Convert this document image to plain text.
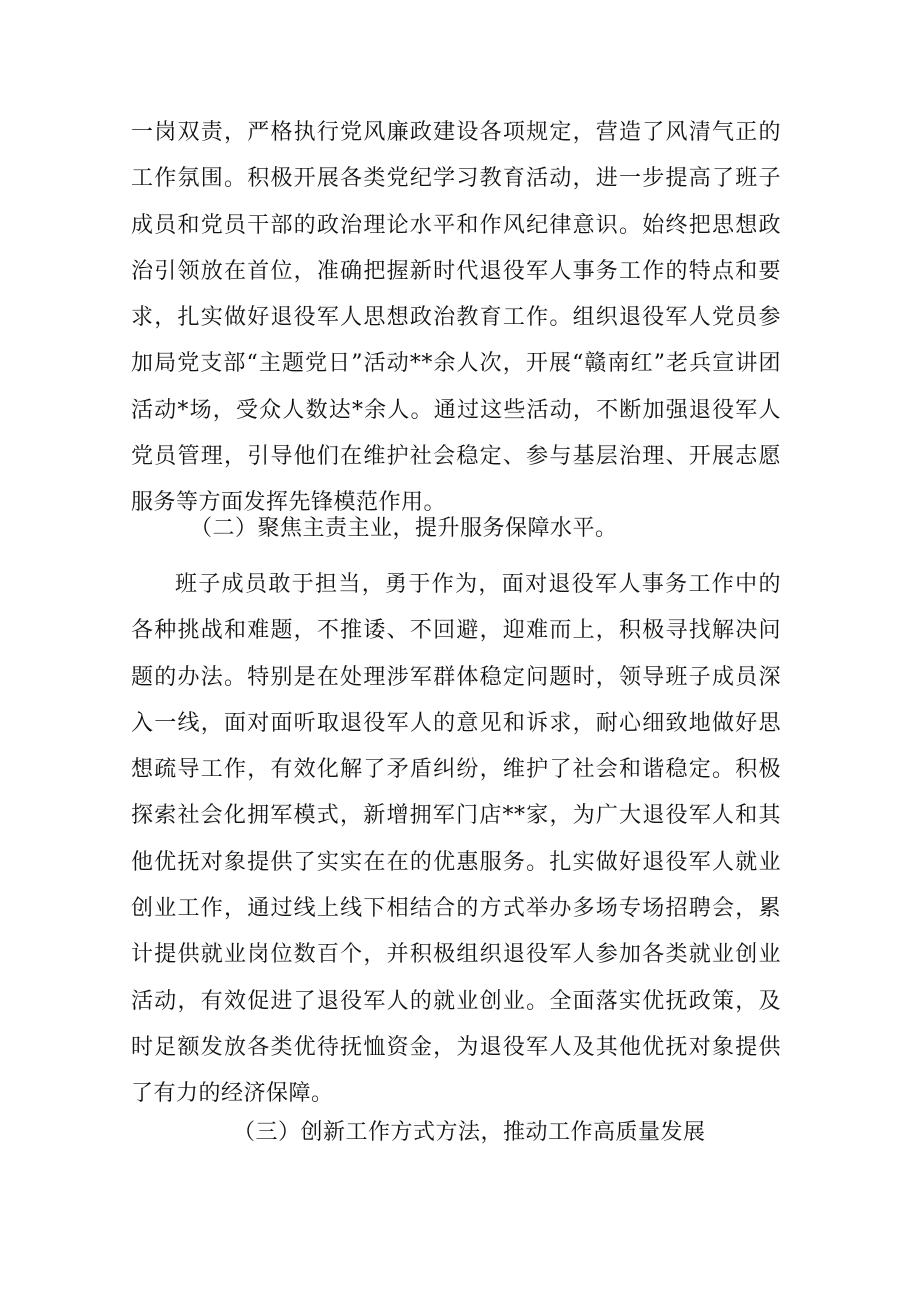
一岗双责，严格执行党风廉政建设各项规定，营造了风清气正的工作氛围。积极开展各类党纪学习教育活动，进一步提高了班子成员和党员干部的政治理论水平和作风纪律意识。始终把思想政治引领放在首位，准确把握新时代退役军人事务工作的特点和要求，扎实做好退役军人思想政治教育工作。组织退役军人党员参加局党支部“主题党日”活动**余人次，开展“赣南红”老兵宣讲团活动*场，受众人数达*余人。通过这些活动，不断加强退役军人党员管理，引导他们在维护社会稳定、参与基层治理、开展志愿服务等方面发挥先锋模范作用。

（二）聚焦主责主业，提升服务保障水平。

班子成员敢于担当，勇于作为，面对退役军人事务工作中的各种挑战和难题，不推诿、不回避，迎难而上，积极寻找解决问题的办法。特别是在处理涉军群体稳定问题时，领导班子成员深入一线，面对面听取退役军人的意见和诉求，耐心细致地做好思想疏导工作，有效化解了矛盾纠纷，维护了社会和谐稳定。积极探索社会化拥军模式，新增拥军门店**家，为广大退役军人和其他优抚对象提供了实实在在的优惠服务。扎实做好退役军人就业创业工作，通过线上线下相结合的方式举办多场专场招聘会，累计提供就业岗位数百个，并积极组织退役军人参加各类就业创业活动，有效促进了退役军人的就业创业。全面落实优抚政策，及时足额发放各类优待抚恤资金，为退役军人及其他优抚对象提供了有力的经济保障。

（三）创新工作方式方法，推动工作高质量发展
